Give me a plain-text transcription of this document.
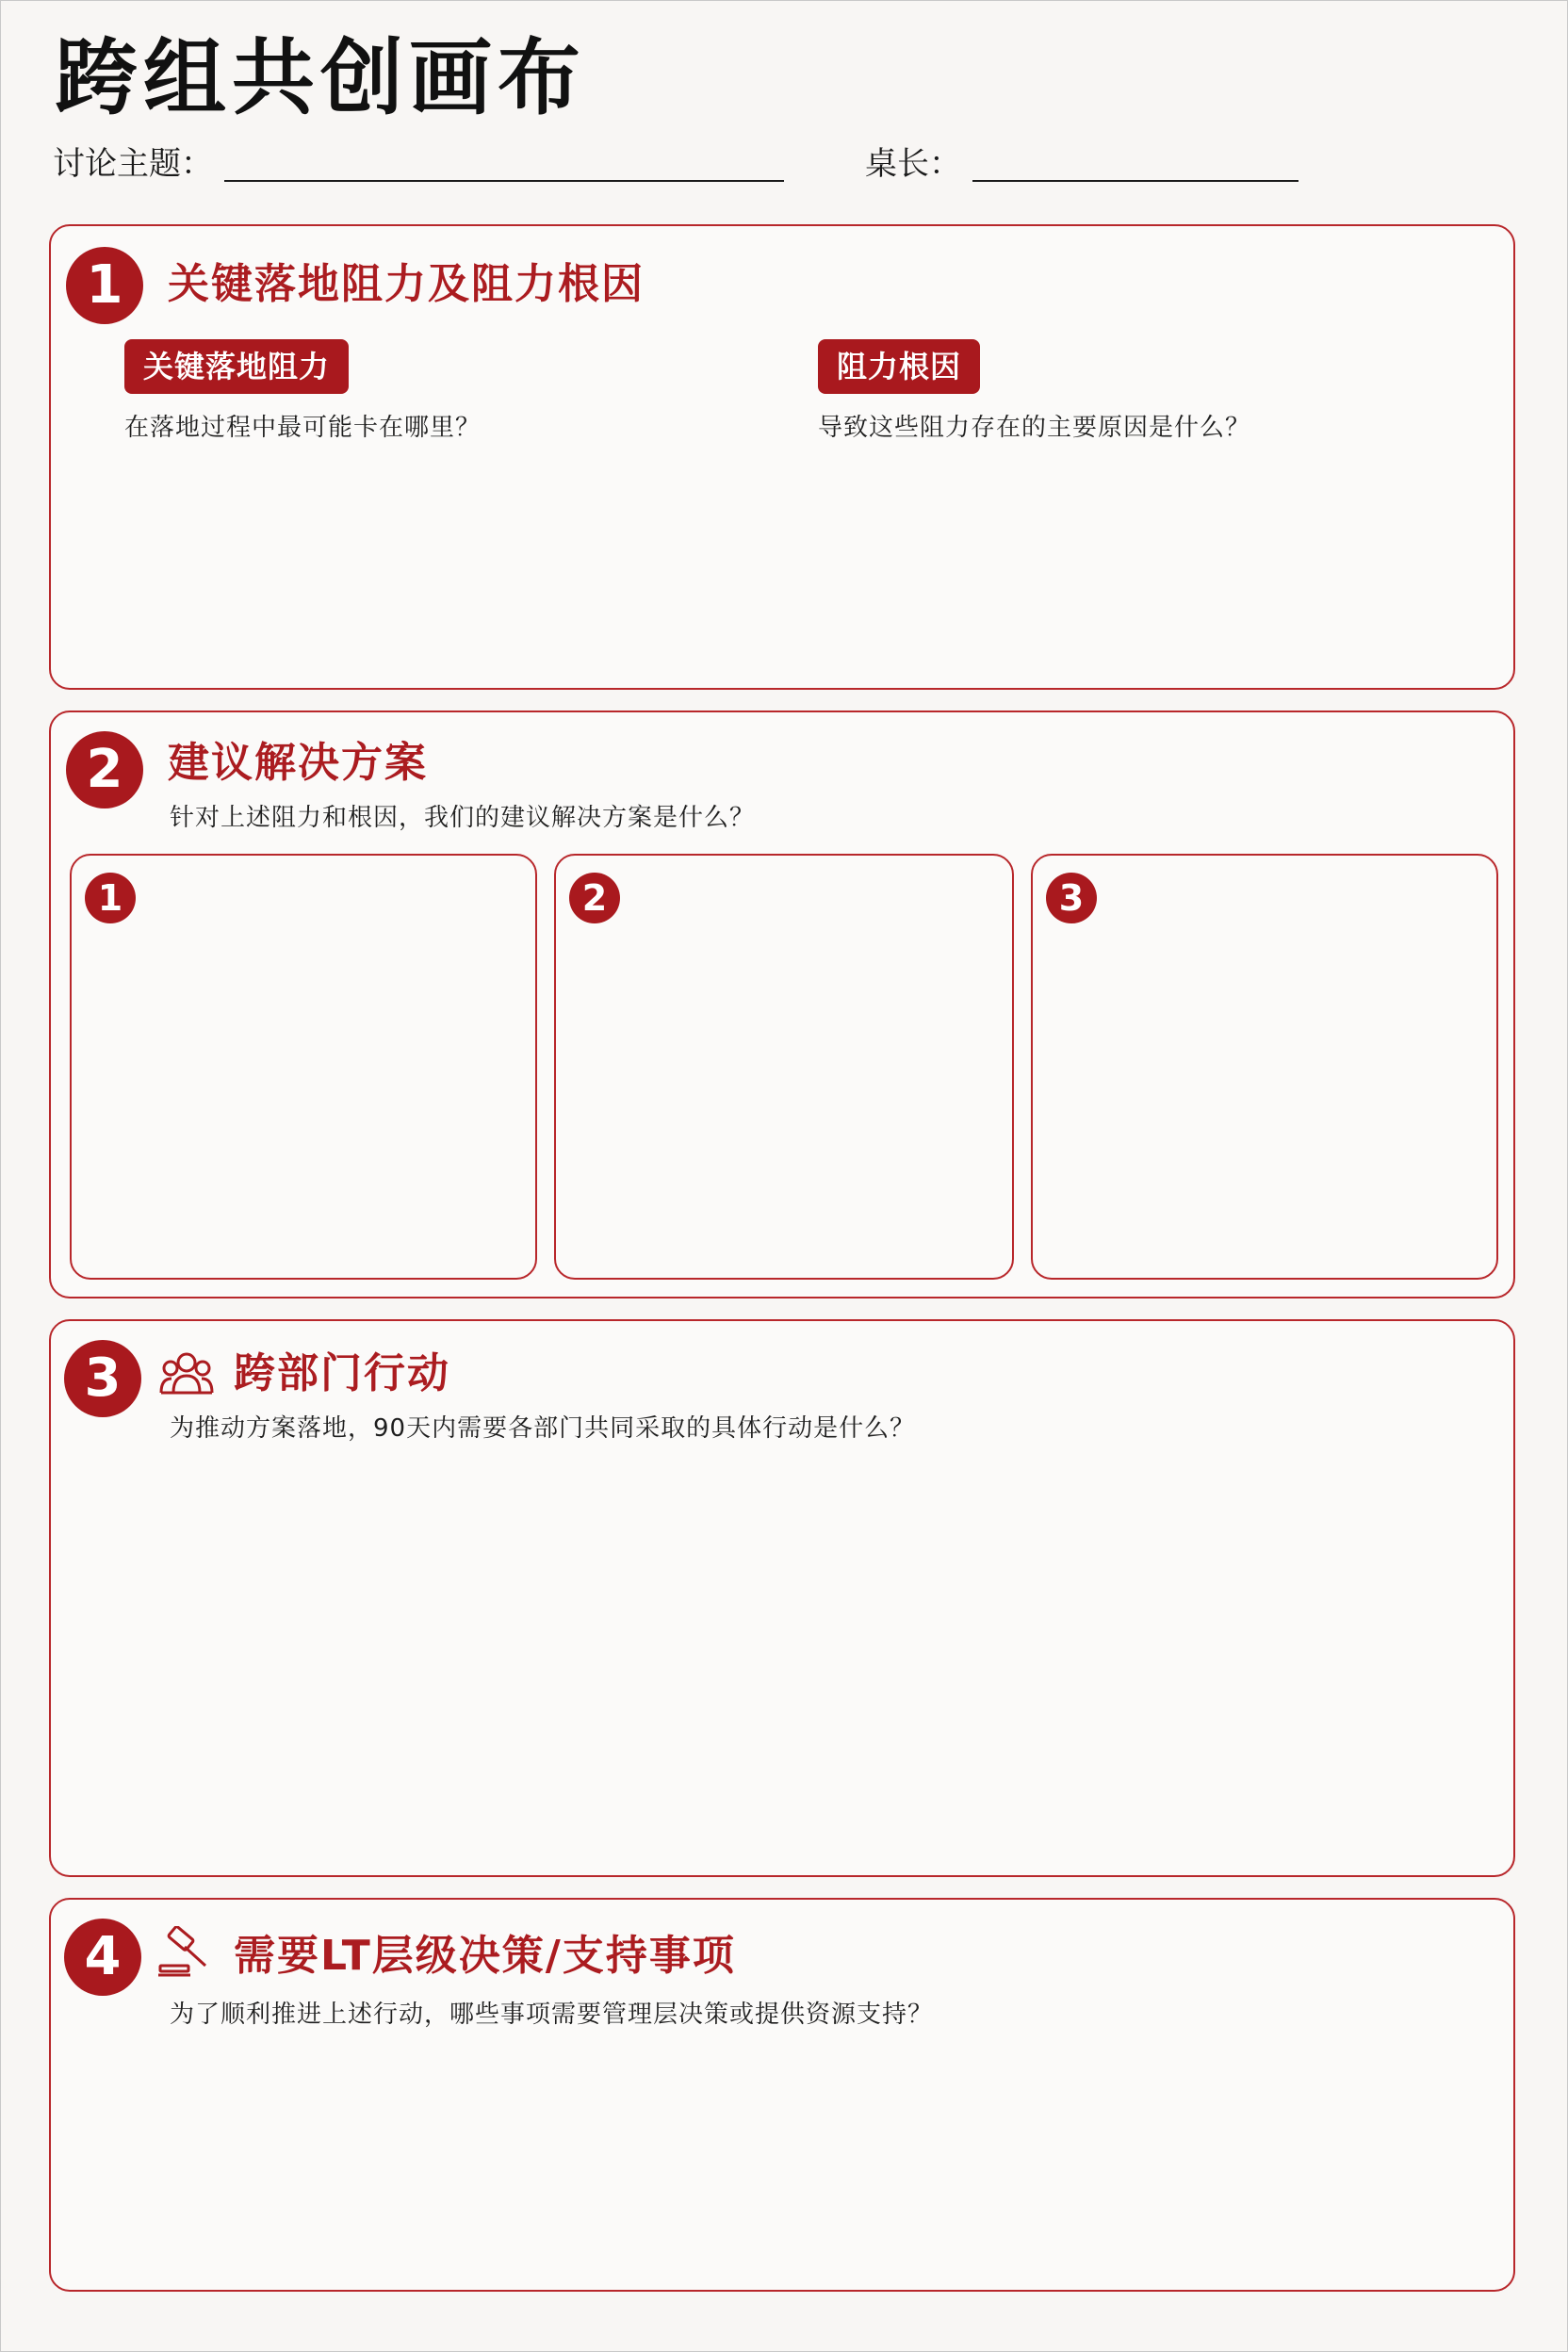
跨组共创画布
讨论主题：	桌长：
1	关键落地阻力及阻力根因
关键落地阻力
在落地过程中最可能卡在哪里？
阻力根因
导致这些阻力存在的主要原因是什么？
2	建议解决方案
针对上述阻力和根因，我们的建议解决方案是什么？
1	2	3
3	跨部门行动
为推动方案落地，90天内需要各部门共同采取的具体行动是什么？
4	需要LT层级决策/支持事项
为了顺利推进上述行动，哪些事项需要管理层决策或提供资源支持？
